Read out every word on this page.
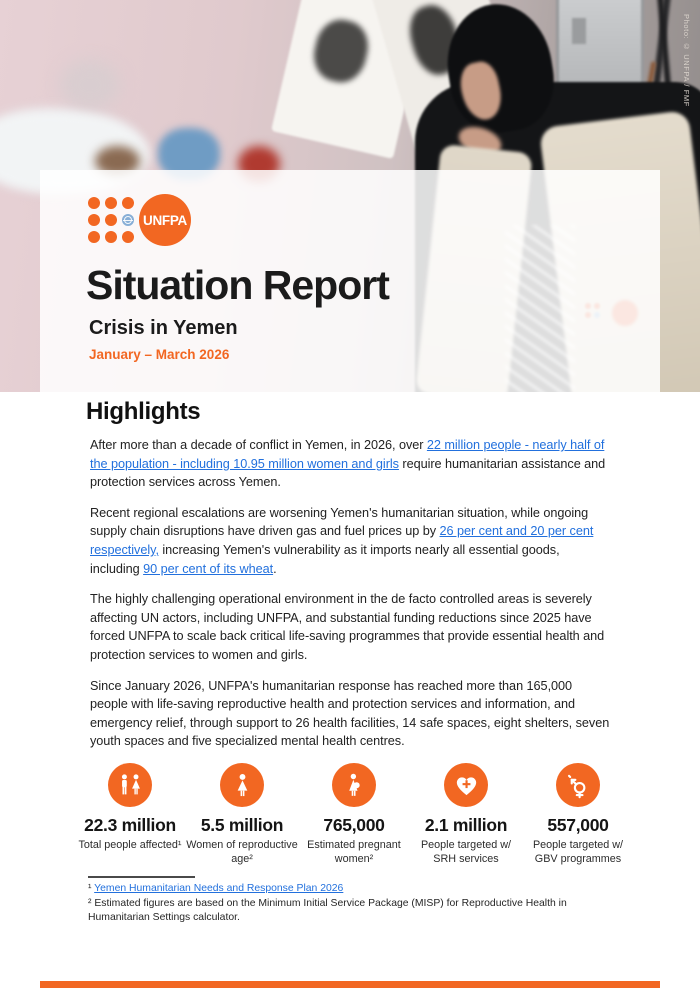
Photo: © UNFPA / FMF
UNFPA
Situation Report
Crisis in Yemen
January – March 2026
Highlights

After more than a decade of conflict in Yemen, in 2026, over 22 million people - nearly half of the population - including 10.95 million women and girls require humanitarian assistance and protection services across Yemen.

Recent regional escalations are worsening Yemen's humanitarian situation, while ongoing supply chain disruptions have driven gas and fuel prices up by 26 per cent and 20 per cent respectively, increasing Yemen's vulnerability as it imports nearly all essential goods, including 90 per cent of its wheat.

The highly challenging operational environment in the de facto controlled areas is severely affecting UN actors, including UNFPA, and substantial funding reductions since 2025 have forced UNFPA to scale back critical life-saving programmes that provide essential health and protection services to women and girls.

Since January 2026, UNFPA's humanitarian response has reached more than 165,000 people with life-saving reproductive health and protection services and information, and emergency relief, through support to 26 health facilities, 14 safe spaces, eight shelters, seven youth spaces and five specialized mental health centres.

22.3 million
Total people affected¹
5.5 million
Women of reproductive age²
765,000
Estimated pregnant women²
2.1 million
People targeted w/ SRH services
557,000
People targeted w/ GBV programmes
¹ Yemen Humanitarian Needs and Response Plan 2026
² Estimated figures are based on the Minimum Initial Service Package (MISP) for Reproductive Health in Humanitarian Settings calculator.
